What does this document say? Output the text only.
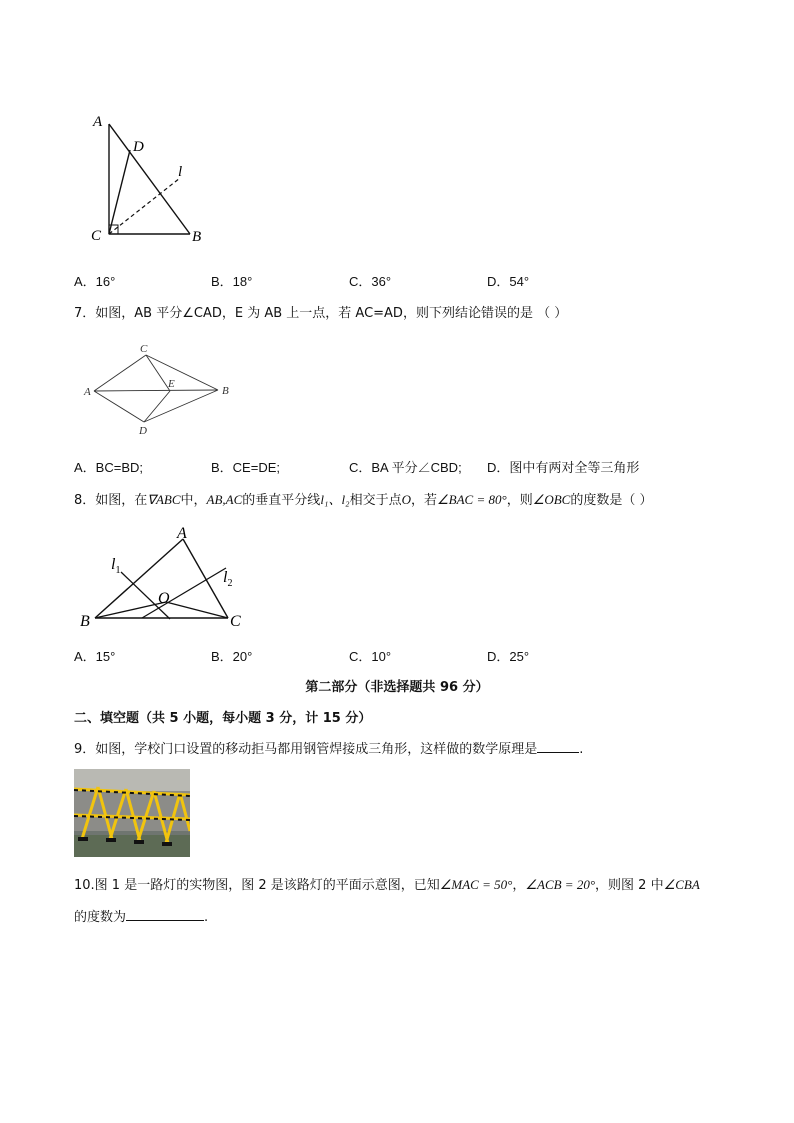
A
D
l
C	B
A．16°	B．18°	C．36°	D．54°
7．如图，AB 平分∠CAD，E 为 AB 上一点，若 AC=AD，则下列结论错误的是 （ ）
C
A
E
B
D
A．BC=BD;	B．CE=DE;	C．BA 平分∠CBD; D．图中有两对全等三角形
8．如图，在∇ABC中，AB,AC的垂直平分线l₁、l₂相交于点O，若∠BAC = 80°，则∠OBC的度数是（ ）
A
$l_1$	$l_2$
O
B	C
A．15°	B．20°	C．10°	D．25°
第二部分（非选择题共 96 分）
二、填空题（共 5 小题，每小题 3 分，计 15 分）
9．如图，学校门口设置的移动拒马都用钢管焊接成三角形，这样做的数学原理是	.
10.图 1 是一路灯的实物图，图 2 是该路灯的平面示意图，已知∠MAC = 50°，∠ACB = 20°，则图 2 中∠CBA
的度数为	.
